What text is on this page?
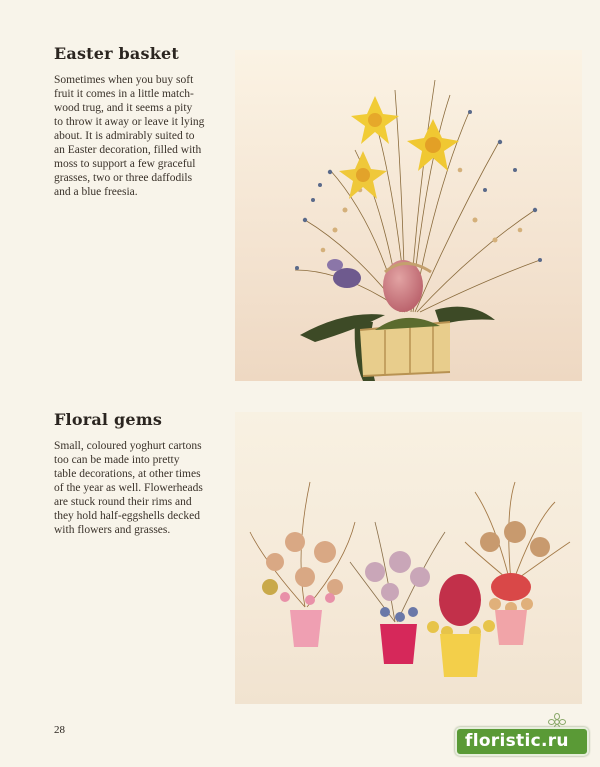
Easter basket
Sometimes when you buy soft
fruit it comes in a little match-
wood trug, and it seems a pity
to throw it away or leave it lying
about. It is admirably suited to
an Easter decoration, filled with
moss to support a few graceful
grasses, two or three daffodils
and a blue freesia.
Floral gems
Small, coloured yoghurt cartons
too can be made into pretty
table decorations, at other times
of the year as well. Flowerheads
are stuck round their rims and
they hold half-eggshells decked
with flowers and grasses.
28
floristic.ru
